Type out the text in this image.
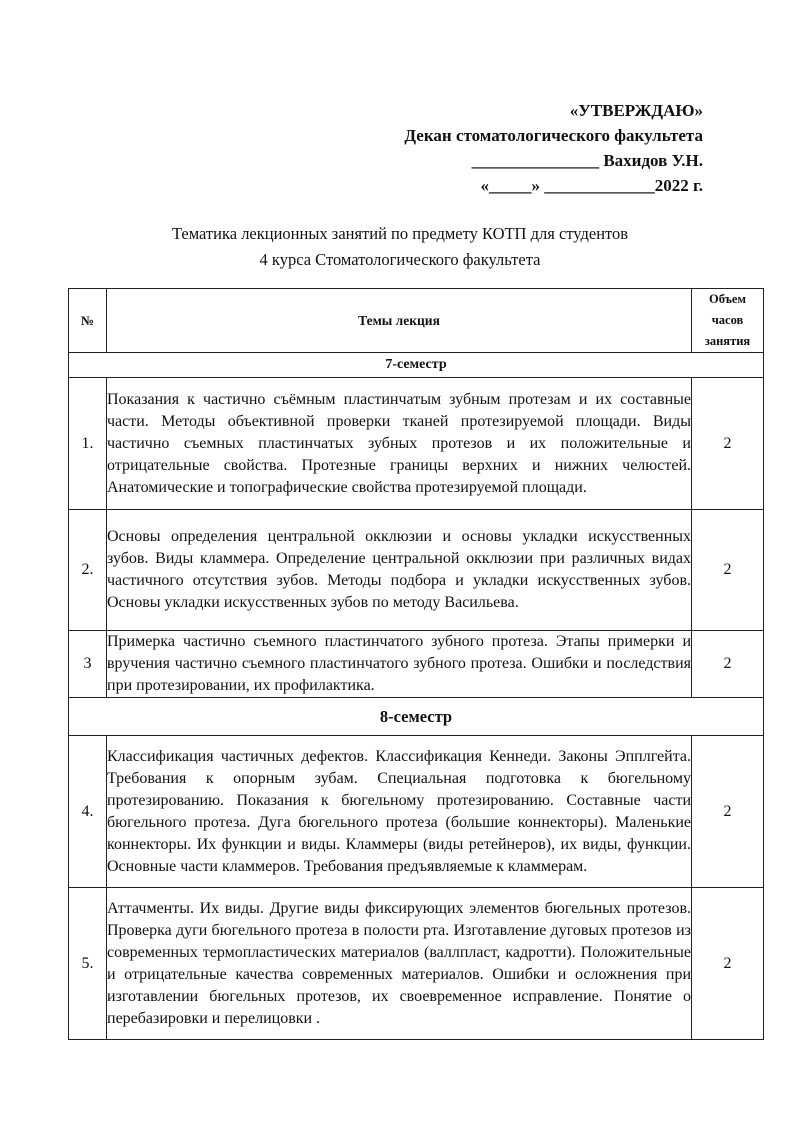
«УТВЕРЖДАЮ»
Декан стоматологического факультета
_______________ Вахидов У.Н.
«_____» _____________2022 г.
Тематика лекционных занятий по предмету КОТП для студентов
4 курса Стоматологического факультета
№	Темы лекция	Объем
часов
занятия

7-семестр		
1.	Показания к частично съёмным пластинчатым зубным протезам и их составные части. Методы объективной проверки тканей протезируемой площади. Виды частично съемных пластинчатых зубных протезов и их положительные и отрицательные свойства. Протезные границы верхних и нижних челюстей. Анатомические и топографические свойства протезируемой площади.	2
2.	Основы определения центральной окклюзии и основы укладки искусственных зубов. Виды кламмера. Определение центральной окклюзии при различных видах частичного отсутствия зубов. Методы подбора и укладки искусственных зубов. Основы укладки искусственных зубов по методу Васильева.	2
3	Примерка частично съемного пластинчатого зубного протеза. Этапы примерки и вручения частично съемного пластинчатого зубного протеза. Ошибки и последствия при протезировании, их профилактика.	2
8-семестр		
4.	Классификация частичных дефектов. Классификация Кеннеди. Законы Эпплгейта. Требования к опорным зубам. Специальная подготовка к бюгельному протезированию. Показания к бюгельному протезированию. Составные части бюгельного протеза. Дуга бюгельного протеза (большие коннекторы). Маленькие коннекторы. Их функции и виды. Кламмеры (виды ретейнеров), их виды, функции. Основные части кламмеров. Требования предъявляемые к кламмерам.	2
5.	Аттачменты. Их виды. Другие виды фиксирующих элементов бюгельных протезов. Проверка дуги бюгельного протеза в полости рта. Изготавление дуговых протезов из современных термопластических материалов (валлпласт, кадротти). Положительные и отрицательные качества современных материалов. Ошибки и осложнения при изготавлении бюгельных протезов, их своевременное исправление. Понятие о перебазировки и перелицовки .	2
